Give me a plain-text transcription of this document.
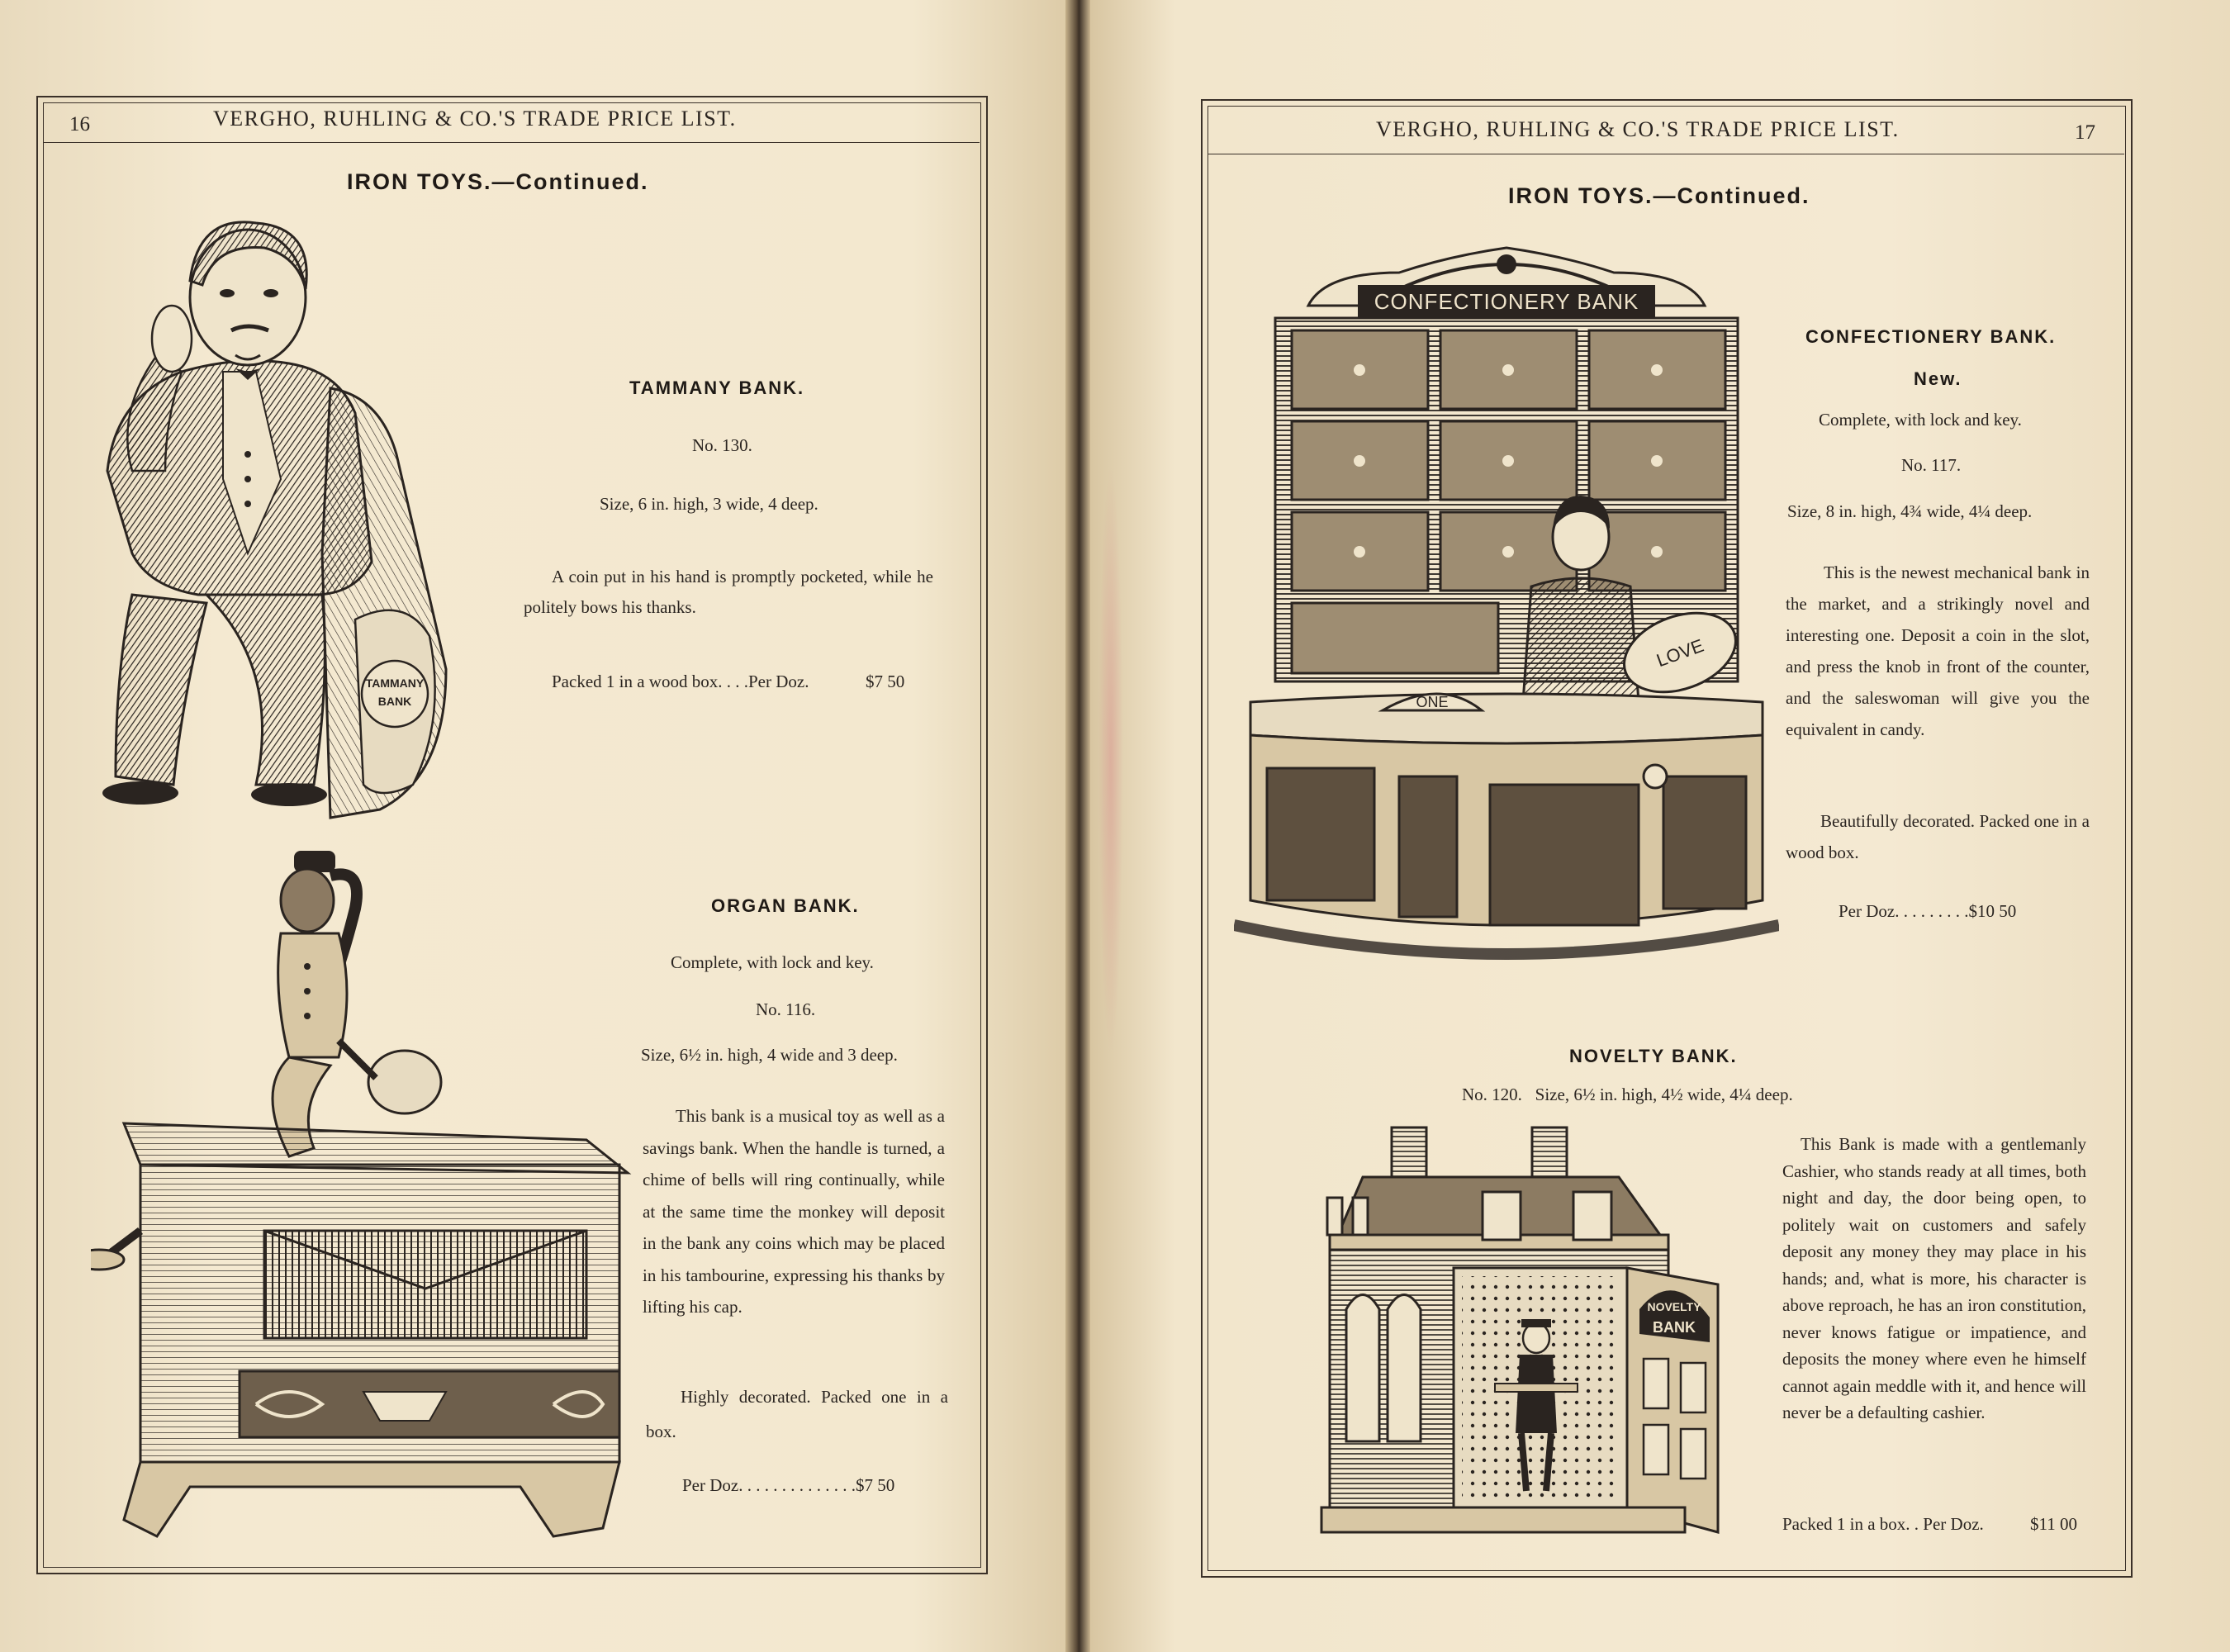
16	VERGHO, RUHLING & CO.'S TRADE PRICE LIST.
IRON TOYS.—Continued.
TAMMANY
BANK
TAMMANY BANK.
No. 130.
Size, 6 in. high, 3 wide, 4 deep.
A coin put in his hand is promptly pocketed, while he politely bows his thanks.
Packed 1 in a wood box. . . .Per Doz.	$7 50
ORGAN BANK.
Complete, with lock and key.
No. 116.
Size, 6½ in. high, 4 wide and 3 deep.
This bank is a musical toy as well as a savings bank. When the handle is turned, a chime of bells will ring continually, while at the same time the monkey will deposit in the bank any coins which may be placed in his tambourine, expressing his thanks by lifting his cap.
Highly decorated. Packed one in a box.
Per Doz. . . . . . . . . . . . . .$7 50
VERGHO, RUHLING & CO.'S TRADE PRICE LIST.	17
IRON TOYS.—Continued.
CONFECTIONERY BANK
LOVE
ONE
CONFECTIONERY BANK.
New.
Complete, with lock and key.
No. 117.
Size, 8 in. high, 4¾ wide, 4¼ deep.
This is the newest mechanical bank in the market, and a strikingly novel and interesting one. Deposit a coin in the slot, and press the knob in front of the counter, and the saleswoman will give you the equivalent in candy.
Beautifully decorated. Packed one in a wood box.
Per Doz. . . . . . . . .$10 50
NOVELTY BANK.
No. 120.   Size, 6½ in. high, 4½ wide, 4¼ deep.
NOVELTY
BANK
This Bank is made with a gentlemanly Cashier, who stands ready at all times, both night and day, the door being open, to politely wait on customers and safely deposit any money they may place in his hands; and, what is more, his character is above reproach, he has an iron constitution, never knows fatigue or impatience, and deposits the money where even he himself cannot again meddle with it, and hence will never be a defaulting cashier.
Packed 1 in a box. . Per Doz.	$11 00
